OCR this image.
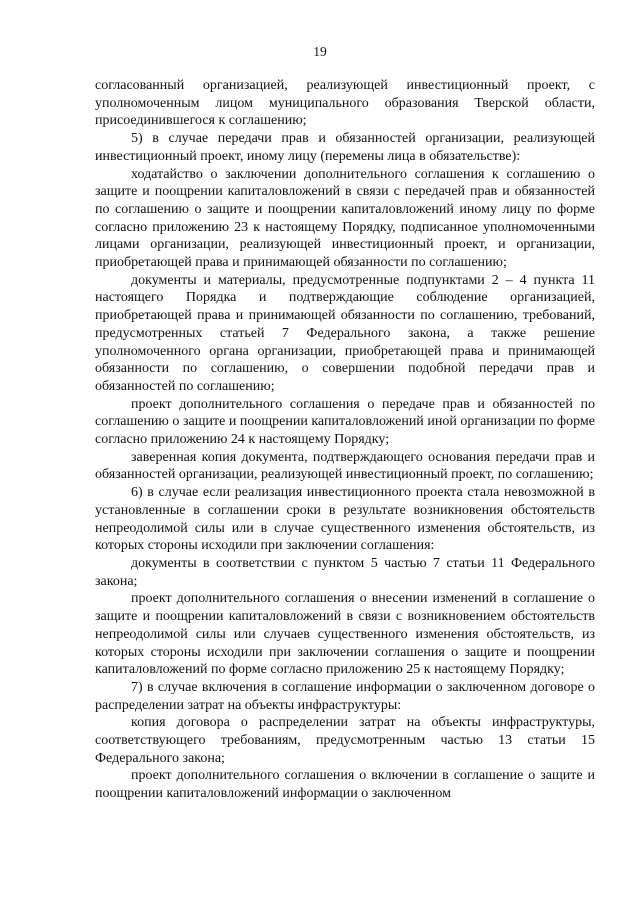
19

согласованный организацией, реализующей инвестиционный проект, с уполномоченным лицом муниципального образования Тверской области, присоединившегося к соглашению;

5) в случае передачи прав и обязанностей организации, реализующей инвестиционный проект, иному лицу (перемены лица в обязательстве):

ходатайство о заключении дополнительного соглашения к соглашению о защите и поощрении капиталовложений в связи с передачей прав и обязанностей по соглашению о защите и поощрении капиталовложений иному лицу по форме согласно приложению 23 к настоящему Порядку, подписанное уполномоченными лицами организации, реализующей инвестиционный проект, и организации, приобретающей права и принимающей обязанности по соглашению;

документы и материалы, предусмотренные подпунктами 2 – 4 пункта 11 настоящего Порядка и подтверждающие соблюдение организацией, приобретающей права и принимающей обязанности по соглашению, требований, предусмотренных статьей 7 Федерального закона, а также решение уполномоченного органа организации, приобретающей права и принимающей обязанности по соглашению, о совершении подобной передачи прав и обязанностей по соглашению;

проект дополнительного соглашения о передаче прав и обязанностей по соглашению о защите и поощрении капиталовложений иной организации по форме согласно приложению 24 к настоящему Порядку;

заверенная копия документа, подтверждающего основания передачи прав и обязанностей организации, реализующей инвестиционный проект, по соглашению;

6) в случае если реализация инвестиционного проекта стала невозможной в установленные в соглашении сроки в результате возникновения обстоятельств непреодолимой силы или в случае существенного изменения обстоятельств, из которых стороны исходили при заключении соглашения:

документы в соответствии с пунктом 5 частью 7 статьи 11 Федерального закона;

проект дополнительного соглашения о внесении изменений в соглашение о защите и поощрении капиталовложений в связи с возникновением обстоятельств непреодолимой силы или случаев существенного изменения обстоятельств, из которых стороны исходили при заключении соглашения о защите и поощрении капиталовложений по форме согласно приложению 25 к настоящему Порядку;

7) в случае включения в соглашение информации о заключенном договоре о распределении затрат на объекты инфраструктуры:

копия договора о распределении затрат на объекты инфраструктуры, соответствующего требованиям, предусмотренным частью 13 статьи 15 Федерального закона;

проект дополнительного соглашения о включении в соглашение о защите и поощрении капиталовложений информации о заключенном
